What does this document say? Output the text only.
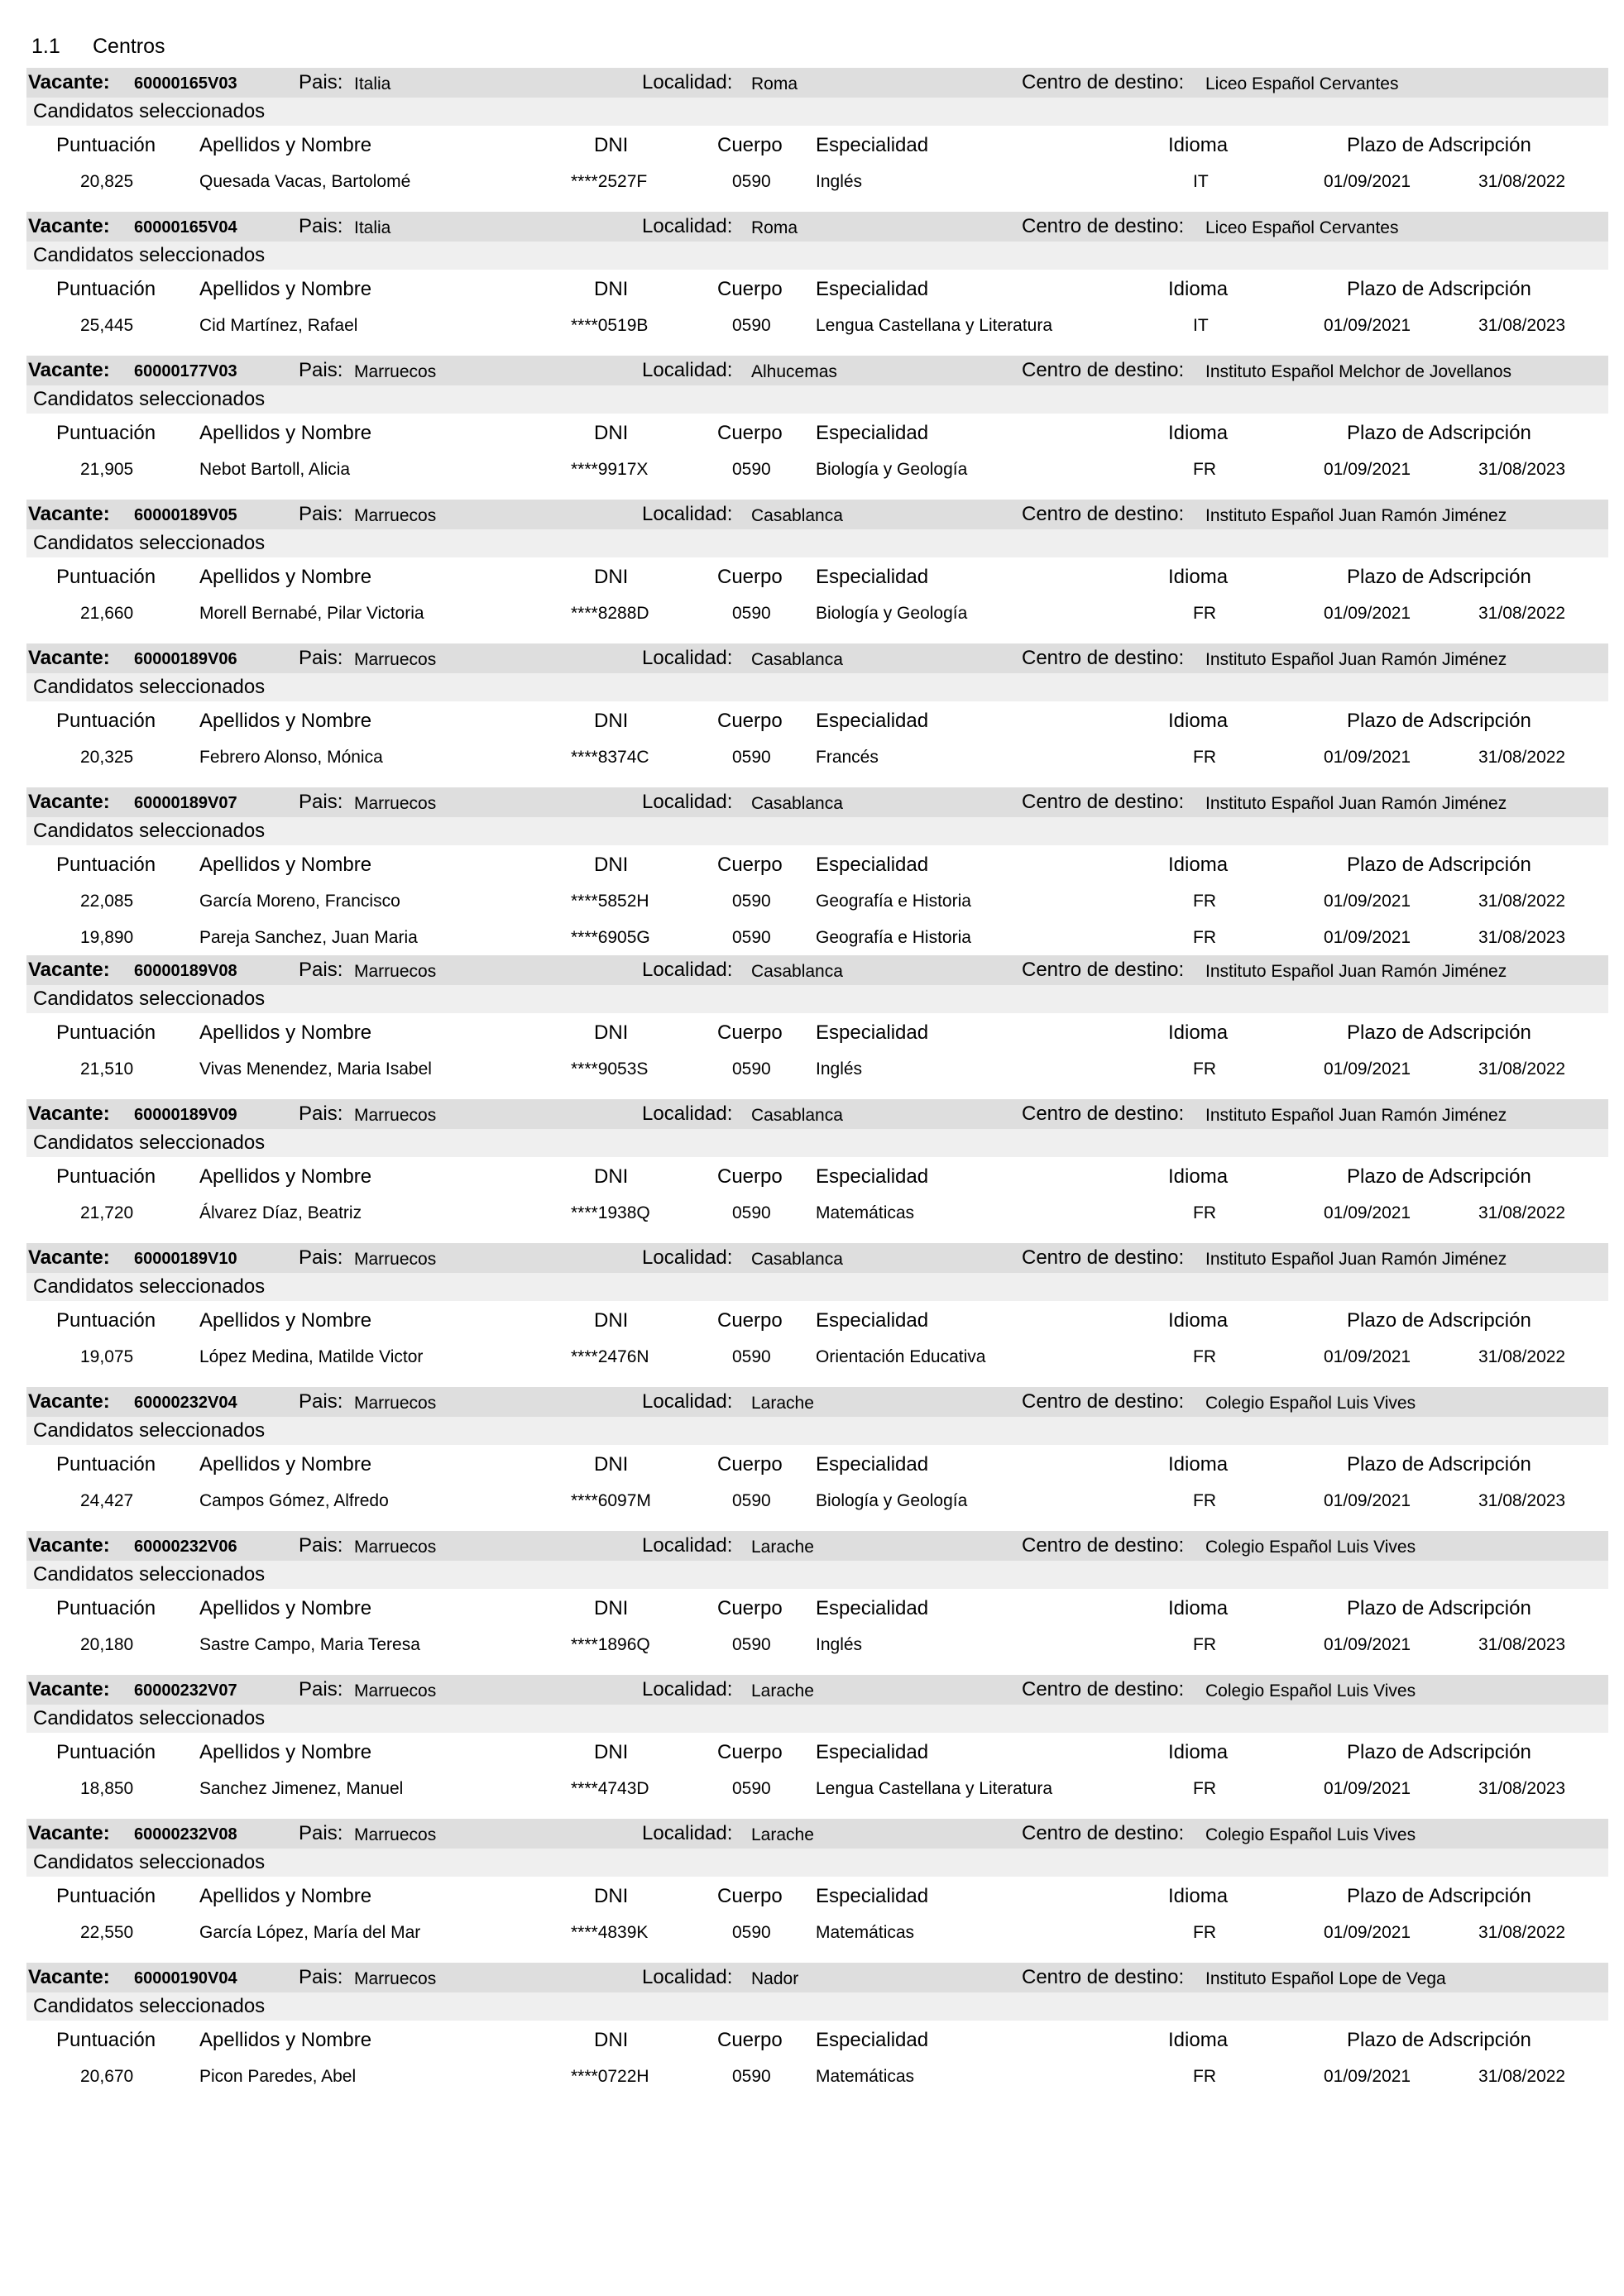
1.1 Centros
Vacante: 60000165V03	Pais: Italia	Localidad: Roma	Centro de destino: Liceo Español Cervantes
Candidatos seleccionados
Puntuación Apellidos y Nombre	DNI	Cuerpo Especialidad	Idioma	Plazo de Adscripción
20,825	Quesada Vacas, Bartolomé	****2527F	0590	Inglés	IT	01/09/2021	31/08/2022
Vacante: 60000165V04	Pais: Italia	Localidad: Roma	Centro de destino: Liceo Español Cervantes
Candidatos seleccionados
Puntuación Apellidos y Nombre	DNI	Cuerpo Especialidad	Idioma	Plazo de Adscripción
25,445	Cid Martínez, Rafael	****0519B	0590	Lengua Castellana y Literatura	IT	01/09/2021	31/08/2023
Vacante: 60000177V03	Pais: Marruecos	Localidad: Alhucemas	Centro de destino: Instituto Español Melchor de Jovellanos
Candidatos seleccionados
Puntuación Apellidos y Nombre	DNI	Cuerpo Especialidad	Idioma	Plazo de Adscripción
21,905	Nebot Bartoll, Alicia	****9917X	0590	Biología y Geología	FR	01/09/2021	31/08/2023
Vacante: 60000189V05	Pais: Marruecos	Localidad: Casablanca	Centro de destino: Instituto Español Juan Ramón Jiménez
Candidatos seleccionados
Puntuación Apellidos y Nombre	DNI	Cuerpo Especialidad	Idioma	Plazo de Adscripción
21,660	Morell Bernabé, Pilar Victoria	****8288D	0590	Biología y Geología	FR	01/09/2021	31/08/2022
Vacante: 60000189V06	Pais: Marruecos	Localidad: Casablanca	Centro de destino: Instituto Español Juan Ramón Jiménez
Candidatos seleccionados
Puntuación Apellidos y Nombre	DNI	Cuerpo Especialidad	Idioma	Plazo de Adscripción
20,325	Febrero Alonso, Mónica	****8374C	0590	Francés	FR	01/09/2021	31/08/2022
Vacante: 60000189V07	Pais: Marruecos	Localidad: Casablanca	Centro de destino: Instituto Español Juan Ramón Jiménez
Candidatos seleccionados
Puntuación Apellidos y Nombre	DNI	Cuerpo Especialidad	Idioma	Plazo de Adscripción
22,085	García Moreno, Francisco	****5852H	0590	Geografía e Historia	FR	01/09/2021	31/08/2022
19,890	Pareja Sanchez, Juan Maria	****6905G	0590	Geografía e Historia	FR	01/09/2021	31/08/2023
Vacante: 60000189V08	Pais: Marruecos	Localidad: Casablanca	Centro de destino: Instituto Español Juan Ramón Jiménez
Candidatos seleccionados
Puntuación Apellidos y Nombre	DNI	Cuerpo Especialidad	Idioma	Plazo de Adscripción
21,510	Vivas Menendez, Maria Isabel	****9053S	0590	Inglés	FR	01/09/2021	31/08/2022
Vacante: 60000189V09	Pais: Marruecos	Localidad: Casablanca	Centro de destino: Instituto Español Juan Ramón Jiménez
Candidatos seleccionados
Puntuación Apellidos y Nombre	DNI	Cuerpo Especialidad	Idioma	Plazo de Adscripción
21,720	Álvarez Díaz, Beatriz	****1938Q	0590	Matemáticas	FR	01/09/2021	31/08/2022
Vacante: 60000189V10	Pais: Marruecos	Localidad: Casablanca	Centro de destino: Instituto Español Juan Ramón Jiménez
Candidatos seleccionados
Puntuación Apellidos y Nombre	DNI	Cuerpo Especialidad	Idioma	Plazo de Adscripción
19,075	López Medina, Matilde Victor	****2476N	0590	Orientación Educativa	FR	01/09/2021	31/08/2022
Vacante: 60000232V04	Pais: Marruecos	Localidad: Larache	Centro de destino: Colegio Español Luis Vives
Candidatos seleccionados
Puntuación Apellidos y Nombre	DNI	Cuerpo Especialidad	Idioma	Plazo de Adscripción
24,427	Campos Gómez, Alfredo	****6097M	0590	Biología y Geología	FR	01/09/2021	31/08/2023
Vacante: 60000232V06	Pais: Marruecos	Localidad: Larache	Centro de destino: Colegio Español Luis Vives
Candidatos seleccionados
Puntuación Apellidos y Nombre	DNI	Cuerpo Especialidad	Idioma	Plazo de Adscripción
20,180	Sastre Campo, Maria Teresa	****1896Q	0590	Inglés	FR	01/09/2021	31/08/2023
Vacante: 60000232V07	Pais: Marruecos	Localidad: Larache	Centro de destino: Colegio Español Luis Vives
Candidatos seleccionados
Puntuación Apellidos y Nombre	DNI	Cuerpo Especialidad	Idioma	Plazo de Adscripción
18,850	Sanchez Jimenez, Manuel	****4743D	0590	Lengua Castellana y Literatura	FR	01/09/2021	31/08/2023
Vacante: 60000232V08	Pais: Marruecos	Localidad: Larache	Centro de destino: Colegio Español Luis Vives
Candidatos seleccionados
Puntuación Apellidos y Nombre	DNI	Cuerpo Especialidad	Idioma	Plazo de Adscripción
22,550	García López, María del Mar	****4839K	0590	Matemáticas	FR	01/09/2021	31/08/2022
Vacante: 60000190V04	Pais: Marruecos	Localidad: Nador	Centro de destino: Instituto Español Lope de Vega
Candidatos seleccionados
Puntuación Apellidos y Nombre	DNI	Cuerpo Especialidad	Idioma	Plazo de Adscripción
20,670	Picon Paredes, Abel	****0722H	0590	Matemáticas	FR	01/09/2021	31/08/2022
